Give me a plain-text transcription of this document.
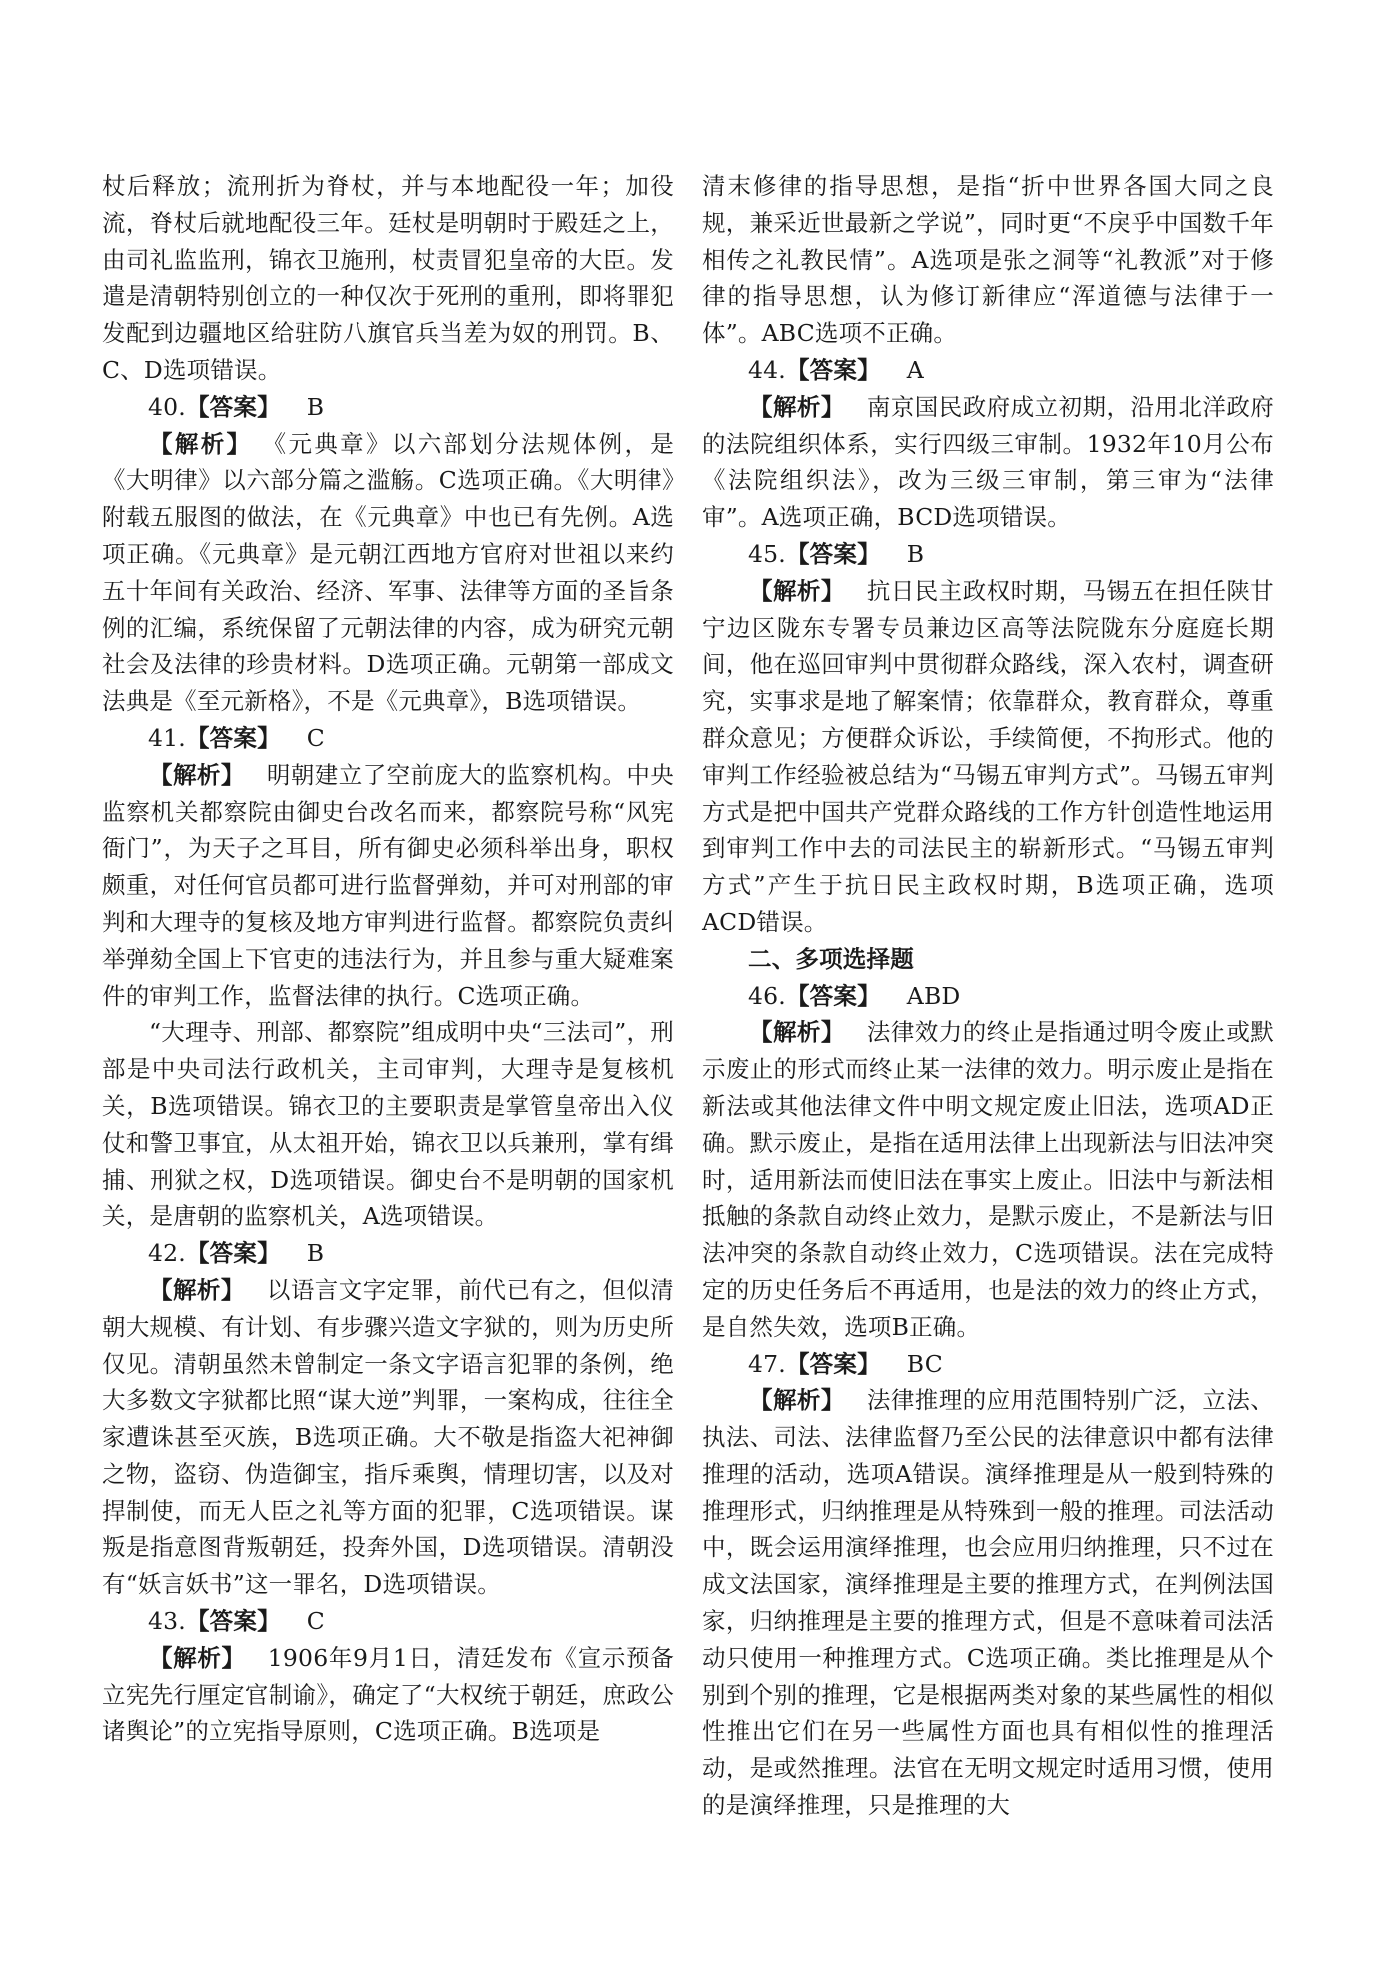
杖后释放；流刑折为脊杖，并与本地配役一年；加役流，脊杖后就地配役三年。廷杖是明朝时于殿廷之上，由司礼监监刑，锦衣卫施刑，杖责冒犯皇帝的大臣。发遣是清朝特别创立的一种仅次于死刑的重刑，即将罪犯发配到边疆地区给驻防八旗官兵当差为奴的刑罚。B、C、D选项错误。

40.【答案】 B

【解析】 《元典章》以六部划分法规体例，是《大明律》以六部分篇之滥觞。C选项正确。《大明律》附载五服图的做法，在《元典章》中也已有先例。A选项正确。《元典章》是元朝江西地方官府对世祖以来约五十年间有关政治、经济、军事、法律等方面的圣旨条例的汇编，系统保留了元朝法律的内容，成为研究元朝社会及法律的珍贵材料。D选项正确。元朝第一部成文法典是《至元新格》，不是《元典章》，B选项错误。

41.【答案】 C

【解析】 明朝建立了空前庞大的监察机构。中央监察机关都察院由御史台改名而来，都察院号称“风宪衙门”，为天子之耳目，所有御史必须科举出身，职权颇重，对任何官员都可进行监督弹劾，并可对刑部的审判和大理寺的复核及地方审判进行监督。都察院负责纠举弹劾全国上下官吏的违法行为，并且参与重大疑难案件的审判工作，监督法律的执行。C选项正确。

“大理寺、刑部、都察院”组成明中央“三法司”，刑部是中央司法行政机关，主司审判，大理寺是复核机关，B选项错误。锦衣卫的主要职责是掌管皇帝出入仪仗和警卫事宜，从太祖开始，锦衣卫以兵兼刑，掌有缉捕、刑狱之权，D选项错误。御史台不是明朝的国家机关，是唐朝的监察机关，A选项错误。

42.【答案】 B

【解析】 以语言文字定罪，前代已有之，但似清朝大规模、有计划、有步骤兴造文字狱的，则为历史所仅见。清朝虽然未曾制定一条文字语言犯罪的条例，绝大多数文字狱都比照“谋大逆”判罪，一案构成，往往全家遭诛甚至灭族，B选项正确。大不敬是指盗大祀神御之物，盗窃、伪造御宝，指斥乘舆，情理切害，以及对捍制使，而无人臣之礼等方面的犯罪，C选项错误。谋叛是指意图背叛朝廷，投奔外国，D选项错误。清朝没有“妖言妖书”这一罪名，D选项错误。

43.【答案】 C

【解析】 1906年9月1日，清廷发布《宣示预备立宪先行厘定官制谕》，确定了“大权统于朝廷，庶政公诸舆论”的立宪指导原则，C选项正确。B选项是

清末修律的指导思想，是指“折中世界各国大同之良规，兼采近世最新之学说”，同时更“不戾乎中国数千年相传之礼教民情”。A选项是张之洞等“礼教派”对于修律的指导思想，认为修订新律应“浑道德与法律于一体”。ABC选项不正确。

44.【答案】 A

【解析】 南京国民政府成立初期，沿用北洋政府的法院组织体系，实行四级三审制。1932年10月公布《法院组织法》，改为三级三审制，第三审为“法律审”。A选项正确，BCD选项错误。

45.【答案】 B

【解析】 抗日民主政权时期，马锡五在担任陕甘宁边区陇东专署专员兼边区高等法院陇东分庭庭长期间，他在巡回审判中贯彻群众路线，深入农村，调查研究，实事求是地了解案情；依靠群众，教育群众，尊重群众意见；方便群众诉讼，手续简便，不拘形式。他的审判工作经验被总结为“马锡五审判方式”。马锡五审判方式是把中国共产党群众路线的工作方针创造性地运用到审判工作中去的司法民主的崭新形式。“马锡五审判方式”产生于抗日民主政权时期，B选项正确，选项ACD错误。

二、多项选择题

46.【答案】 ABD

【解析】 法律效力的终止是指通过明令废止或默示废止的形式而终止某一法律的效力。明示废止是指在新法或其他法律文件中明文规定废止旧法，选项AD正确。默示废止，是指在适用法律上出现新法与旧法冲突时，适用新法而使旧法在事实上废止。旧法中与新法相抵触的条款自动终止效力，是默示废止，不是新法与旧法冲突的条款自动终止效力，C选项错误。法在完成特定的历史任务后不再适用，也是法的效力的终止方式，是自然失效，选项B正确。

47.【答案】 BC

【解析】 法律推理的应用范围特别广泛，立法、执法、司法、法律监督乃至公民的法律意识中都有法律推理的活动，选项A错误。演绎推理是从一般到特殊的推理形式，归纳推理是从特殊到一般的推理。司法活动中，既会运用演绎推理，也会应用归纳推理，只不过在成文法国家，演绎推理是主要的推理方式，在判例法国家，归纳推理是主要的推理方式，但是不意味着司法活动只使用一种推理方式。C选项正确。类比推理是从个别到个别的推理，它是根据两类对象的某些属性的相似性推出它们在另一些属性方面也具有相似性的推理活动，是或然推理。法官在无明文规定时适用习惯，使用的是演绎推理，只是推理的大
